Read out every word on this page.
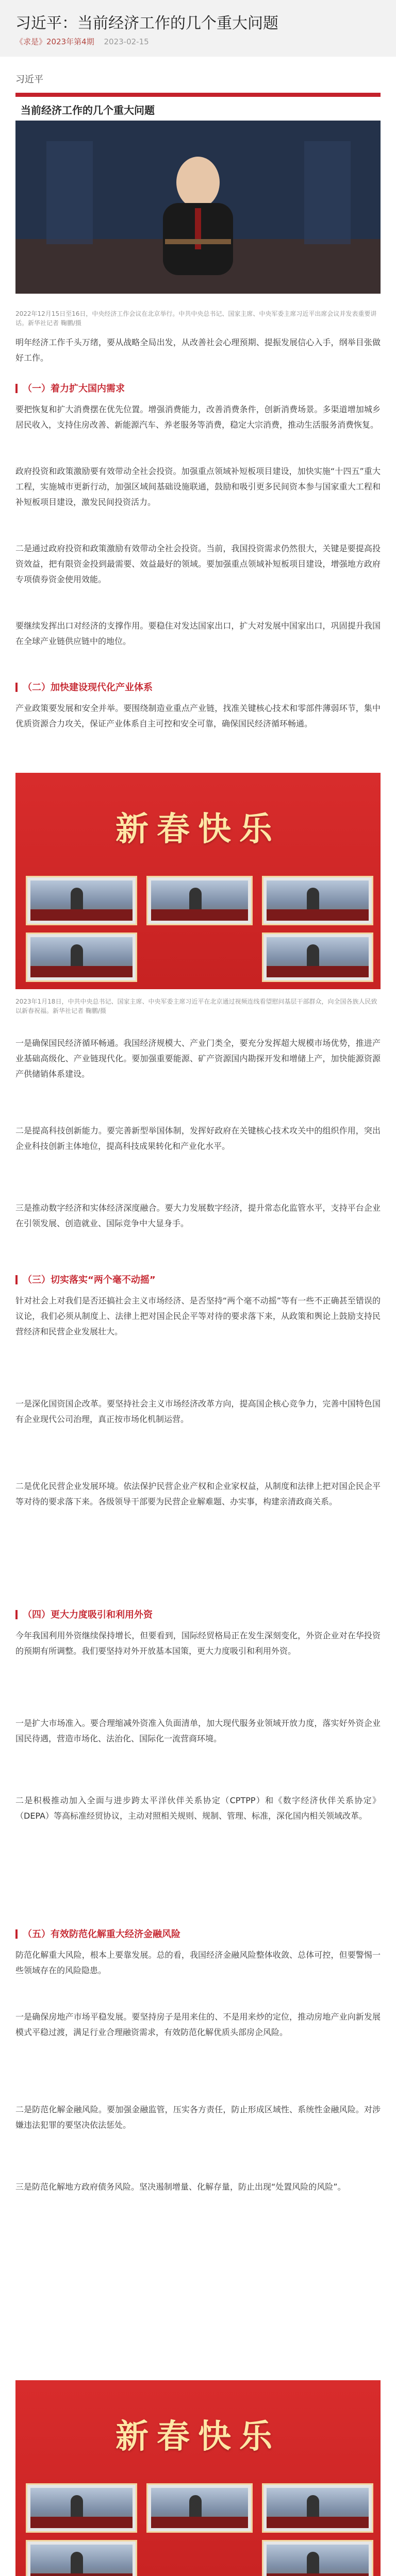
习近平：当前经济工作的几个重大问题
《求是》2023年第4期 2023-02-15
习近平
当前经济工作的几个重大问题
2022年12月15日至16日，中央经济工作会议在北京举行。中共中央总书记、国家主席、中央军委主席习近平出席会议并发表重要讲话。新华社记者 鞠鹏/摄
明年经济工作千头万绪，要从战略全局出发，从改善社会心理预期、提振发展信心入手，纲举目张做好工作。
（一）着力扩大国内需求
要把恢复和扩大消费摆在优先位置。增强消费能力，改善消费条件，创新消费场景。多渠道增加城乡居民收入，支持住房改善、新能源汽车、养老服务等消费，稳定大宗消费，推动生活服务消费恢复。
政府投资和政策激励要有效带动全社会投资。加强重点领域补短板项目建设，加快实施“十四五”重大工程，实施城市更新行动，加强区域间基础设施联通，鼓励和吸引更多民间资本参与国家重大工程和补短板项目建设，激发民间投资活力。
二是通过政府投资和政策激励有效带动全社会投资。当前，我国投资需求仍然很大，关键是要提高投资效益，把有限资金投到最需要、效益最好的领域。要加强重点领域补短板项目建设，增强地方政府专项债券资金使用效能。
要继续发挥出口对经济的支撑作用。要稳住对发达国家出口，扩大对发展中国家出口，巩固提升我国在全球产业链供应链中的地位。
（二）加快建设现代化产业体系
产业政策要发展和安全并举。要围绕制造业重点产业链，找准关键核心技术和零部件薄弱环节，集中优质资源合力攻关，保证产业体系自主可控和安全可靠，确保国民经济循环畅通。
新春快乐
2023年1月18日，中共中央总书记、国家主席、中央军委主席习近平在北京通过视频连线看望慰问基层干部群众，向全国各族人民致以新春祝福。新华社记者 鞠鹏/摄
一是确保国民经济循环畅通。我国经济规模大、产业门类全，要充分发挥超大规模市场优势，推进产业基础高级化、产业链现代化。要加强重要能源、矿产资源国内勘探开发和增储上产，加快能源资源产供储销体系建设。
二是提高科技创新能力。要完善新型举国体制，发挥好政府在关键核心技术攻关中的组织作用，突出企业科技创新主体地位，提高科技成果转化和产业化水平。
三是推动数字经济和实体经济深度融合。要大力发展数字经济，提升常态化监管水平，支持平台企业在引领发展、创造就业、国际竞争中大显身手。
（三）切实落实“两个毫不动摇”
针对社会上对我们是否还搞社会主义市场经济、是否坚持“两个毫不动摇”等有一些不正确甚至错误的议论，我们必须从制度上、法律上把对国企民企平等对待的要求落下来，从政策和舆论上鼓励支持民营经济和民营企业发展壮大。
一是深化国资国企改革。要坚持社会主义市场经济改革方向，提高国企核心竞争力，完善中国特色国有企业现代公司治理，真正按市场化机制运营。
二是优化民营企业发展环境。依法保护民营企业产权和企业家权益，从制度和法律上把对国企民企平等对待的要求落下来。各级领导干部要为民营企业解难题、办实事，构建亲清政商关系。
（四）更大力度吸引和利用外资
今年我国利用外资继续保持增长，但要看到，国际经贸格局正在发生深刻变化，外资企业对在华投资的预期有所调整。我们要坚持对外开放基本国策，更大力度吸引和利用外资。
一是扩大市场准入。要合理缩减外资准入负面清单，加大现代服务业领域开放力度，落实好外资企业国民待遇，营造市场化、法治化、国际化一流营商环境。
二是积极推动加入全面与进步跨太平洋伙伴关系协定（CPTPP）和《数字经济伙伴关系协定》（DEPA）等高标准经贸协议，主动对照相关规则、规制、管理、标准，深化国内相关领域改革。
（五）有效防范化解重大经济金融风险
防范化解重大风险，根本上要靠发展。总的看，我国经济金融风险整体收敛、总体可控，但要警惕一些领域存在的风险隐患。
一是确保房地产市场平稳发展。要坚持房子是用来住的、不是用来炒的定位，推动房地产业向新发展模式平稳过渡，满足行业合理融资需求，有效防范化解优质头部房企风险。
二是防范化解金融风险。要加强金融监管，压实各方责任，防止形成区域性、系统性金融风险。对涉嫌违法犯罪的要坚决依法惩处。
三是防范化解地方政府债务风险。坚决遏制增量、化解存量，防止出现“处置风险的风险”。
新春快乐
